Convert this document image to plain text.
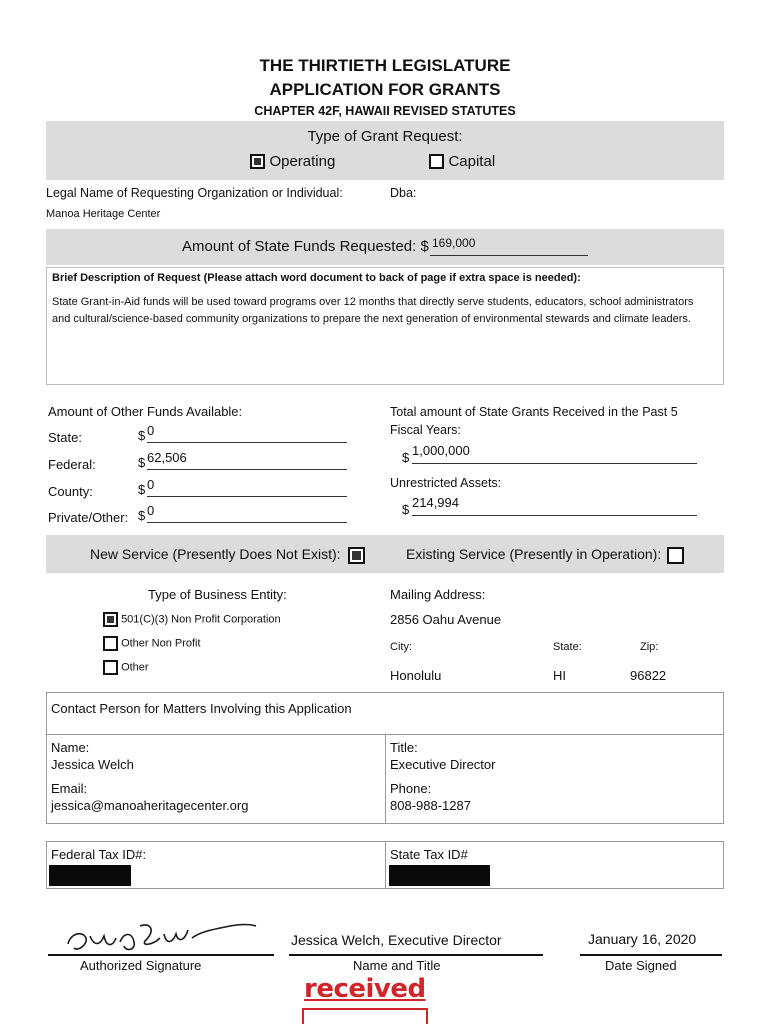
THE THIRTIETH LEGISLATURE
APPLICATION FOR GRANTS
CHAPTER 42F, HAWAII REVISED STATUTES
Type of Grant Request:
Operating	Capital
Legal Name of Requesting Organization or Individual:	Dba:
Manoa Heritage Center
Amount of State Funds Requested: $ 169,000
Brief Description of Request (Please attach word document to back of page if extra space is needed):
State Grant-in-Aid funds will be used toward programs over 12 months that directly serve students, educators, school administrators and cultural/science-based community organizations to prepare the next generation of environmental stewards and climate leaders.
Amount of Other Funds Available:
State:	$ 0
Federal:	$ 62,506
County:	$ 0
Private/Other: $ 0
Total amount of State Grants Received in the Past 5
Fiscal Years:
$ 1,000,000
Unrestricted Assets:
$ 214,994
New Service (Presently Does Not Exist):	Existing Service (Presently in Operation):
Type of Business Entity:
501(C)(3) Non Profit Corporation
Other Non Profit
Other
Mailing Address:
2856 Oahu Avenue
City:	State:	Zip:
Honolulu	HI	96822
Contact Person for Matters Involving this Application
Name:
Jessica Welch
Title:
Executive Director
Email:
jessica@manoaheritagecenter.org
Phone:
808-988-1287
Federal Tax ID#:	State Tax ID#
Authorized Signature
Jessica Welch, Executive Director
Name and Title
January 16, 2020
Date Signed
received
